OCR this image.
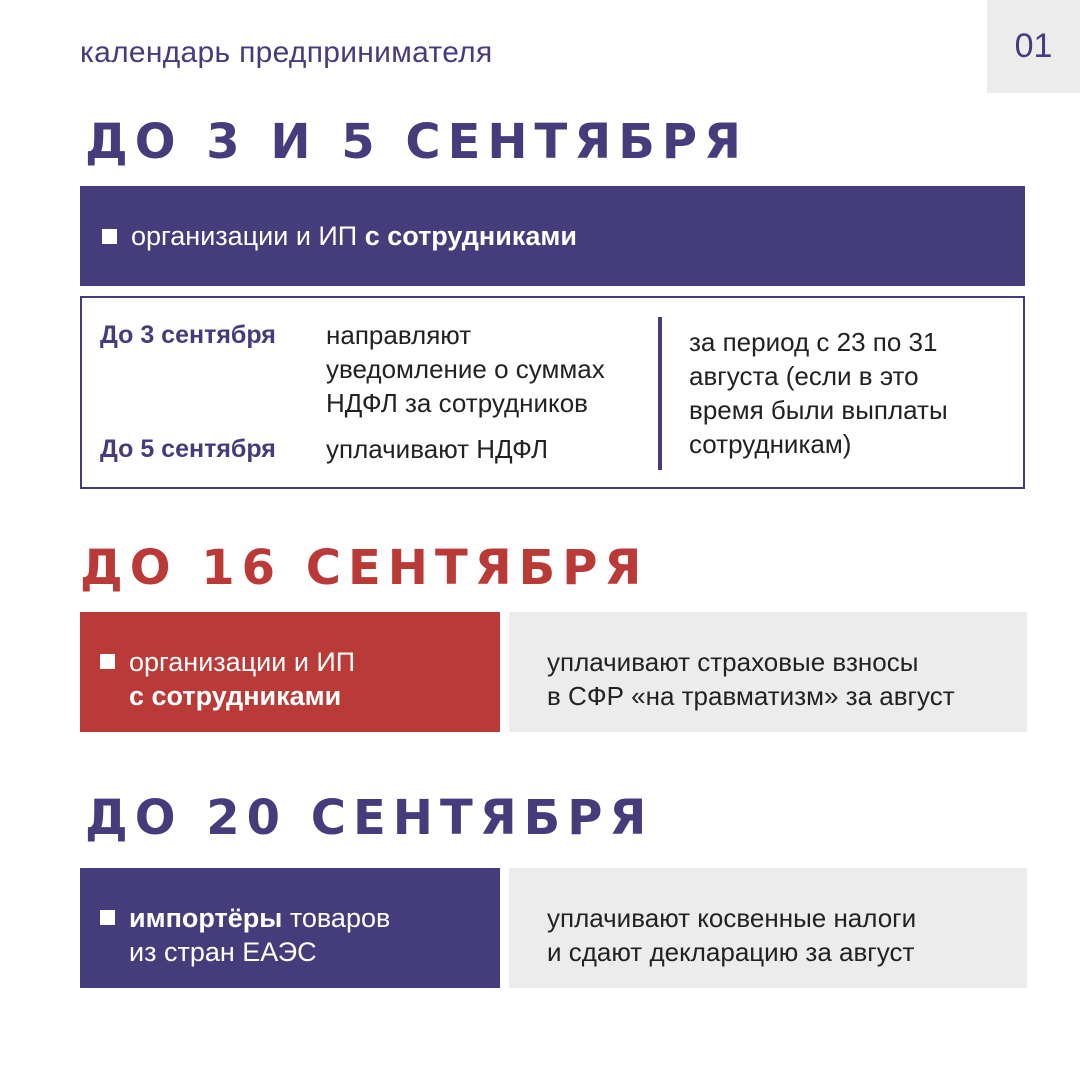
календарь предпринимателя	01
ДО 3 И 5 СЕНТЯБРЯ
организации и ИП с сотрудниками
До 3 сентября направляют
уведомление о суммах
НДФЛ за сотрудников
До 5 сентября уплачивают НДФЛ
за период с 23 по 31
августа (если в это
время были выплаты
сотрудникам)
ДО 16 СЕНТЯБРЯ
организации и ИП
с сотрудниками
уплачивают страховые взносы
в СФР «на травматизм» за август
ДО 20 СЕНТЯБРЯ
импортёры товаров
из стран ЕАЭС
уплачивают косвенные налоги
и сдают декларацию за август
